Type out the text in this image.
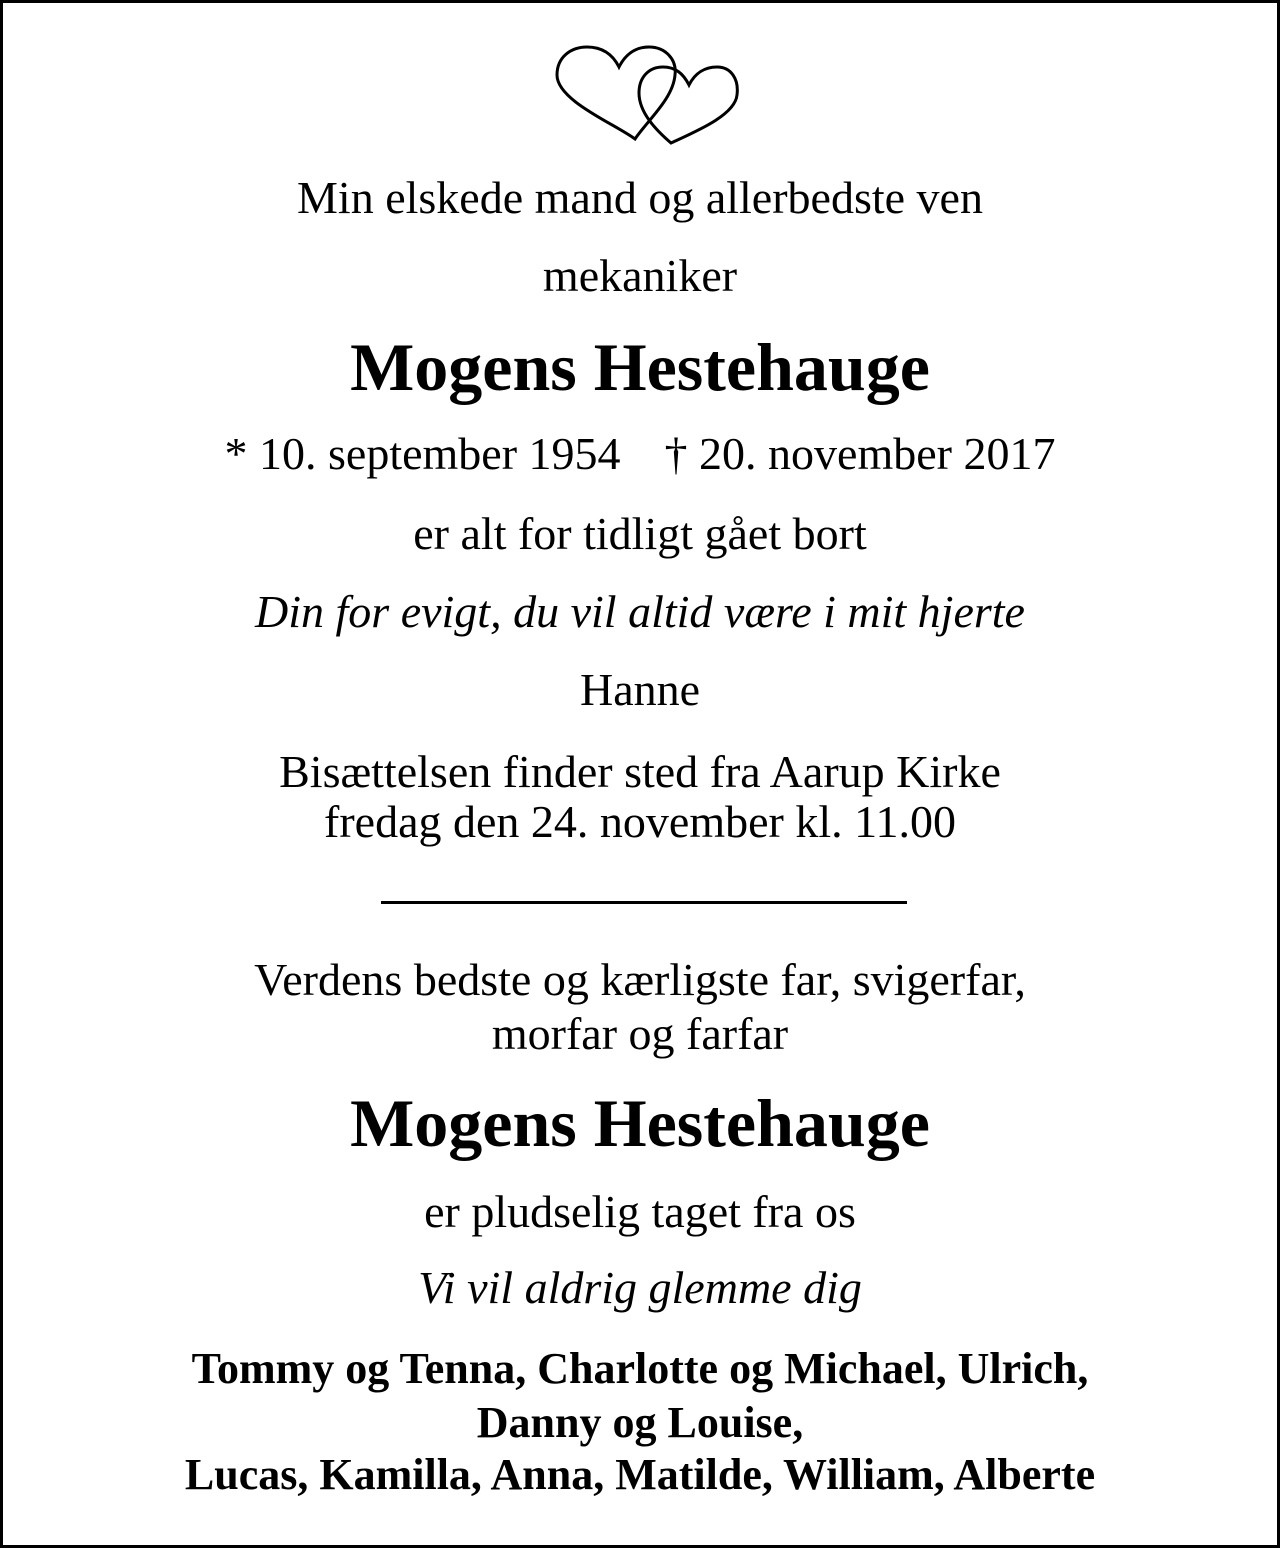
Min elskede mand og allerbedste ven
mekaniker
Mogens Hestehauge
* 10. september 1954 † 20. november 2017
er alt for tidligt gået bort
Din for evigt, du vil altid være i mit hjerte
Hanne
Bisættelsen finder sted fra Aarup Kirke
fredag den 24. november kl. 11.00
Verdens bedste og kærligste far, svigerfar,
morfar og farfar
Mogens Hestehauge
er pludselig taget fra os
Vi vil aldrig glemme dig
Tommy og Tenna, Charlotte og Michael, Ulrich,
Danny og Louise,
Lucas, Kamilla, Anna, Matilde, William, Alberte
